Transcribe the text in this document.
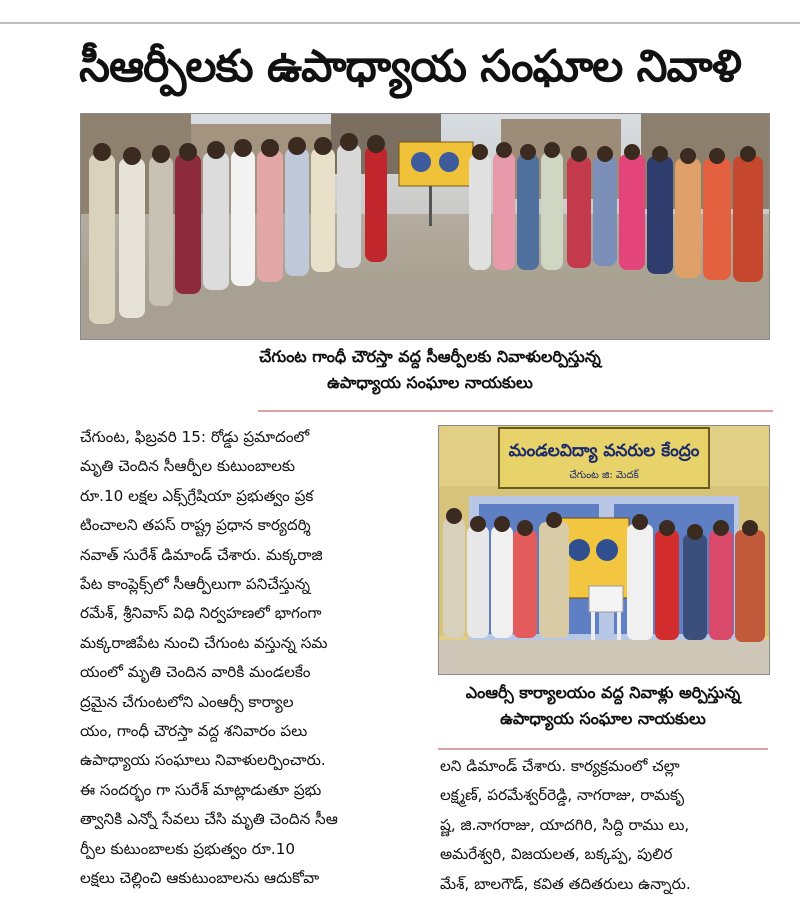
సీఆర్పీలకు ఉపాధ్యాయ సంఘాల నివాళి
చేగుంట గాంధీ చౌరస్తా వద్ద సీఆర్పీలకు నివాళులర్పిస్తున్న
ఉపాధ్యాయ సంఘాల నాయకులు
మండలవిద్యా వనరుల కేంద్రం
చేగుంట జి: మెదక్
ఎంఆర్సీ కార్యాలయం వద్ద నివాళ్లు అర్పిస్తున్న
ఉపాధ్యాయ సంఘాల నాయకులు
చేగుంట, ఫిబ్రవరి 15: రోడ్డు ప్రమాదంలో
మృతి చెందిన సీఆర్పీల కుటుంబాలకు
రూ.10 లక్షల ఎక్స్‌గ్రేషియా ప్రభుత్వం ప్రక
టించాలని తపస్ రాష్ట్ర ప్రధాన కార్యదర్శి
నవాత్ సురేశ్ డిమాండ్ చేశారు. మక్కరాజి
పేట కాంప్లెక్స్‌లో సీఆర్పీలుగా పనిచేస్తున్న
రమేశ్, శ్రీనివాస్ విధి నిర్వహణలో భాగంగా
మక్కరాజిపేట నుంచి చేగుంట వస్తున్న సమ
యంలో మృతి చెందిన వారికి మండలకేం
ద్రమైన చేగుంటలోని ఎంఆర్సీ కార్యాల
యం, గాంధీ చౌరస్తా వద్ద శనివారం పలు
ఉపాధ్యాయ సంఘాలు నివాళులర్పించారు.
ఈ సందర్భం గా సురేశ్ మాట్లాడుతూ ప్రభు
త్వానికి ఎన్నో సేవలు చేసి మృతి చెందిన సీఆ
ర్పీల కుటుంబాలకు ప్రభుత్వం రూ.10
లక్షలు చెల్లించి ఆకుటుంబాలను ఆదుకోవా
లని డిమాండ్ చేశారు. కార్యక్రమంలో చల్లా
లక్ష్మణ్, పరమేశ్వర్‌రెడ్డి, నాగరాజు, రామకృ
ష్ణ, జి.నాగరాజు, యాదగిరి, సిద్ది రాము లు,
అమరేశ్వరి, విజయలత, బక్కప్ప, పులిర
మేశ్, బాలగౌడ్, కవిత తదితరులు ఉన్నారు.
